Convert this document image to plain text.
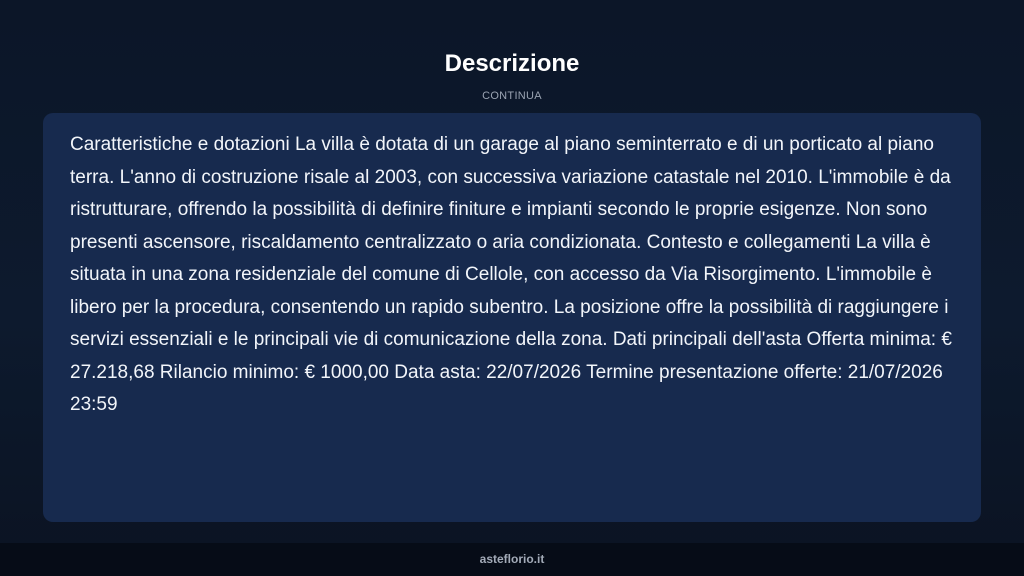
Descrizione
CONTINUA

Caratteristiche e dotazioni La villa è dotata di un garage al piano seminterrato e di un porticato al piano terra. L'anno di costruzione risale al 2003, con successiva variazione catastale nel 2010. L'immobile è da ristrutturare, offrendo la possibilità di definire finiture e impianti secondo le proprie esigenze. Non sono presenti ascensore, riscaldamento centralizzato o aria condizionata. Contesto e collegamenti La villa è situata in una zona residenziale del comune di Cellole, con accesso da Via Risorgimento. L'immobile è libero per la procedura, consentendo un rapido subentro. La posizione offre la possibilità di raggiungere i servizi essenziali e le principali vie di comunicazione della zona. Dati principali dell'asta Offerta minima: € 27.218,68 Rilancio minimo: € 1000,00 Data asta: 22/07/2026 Termine presentazione offerte: 21/07/2026 23:59

asteflorio.it
